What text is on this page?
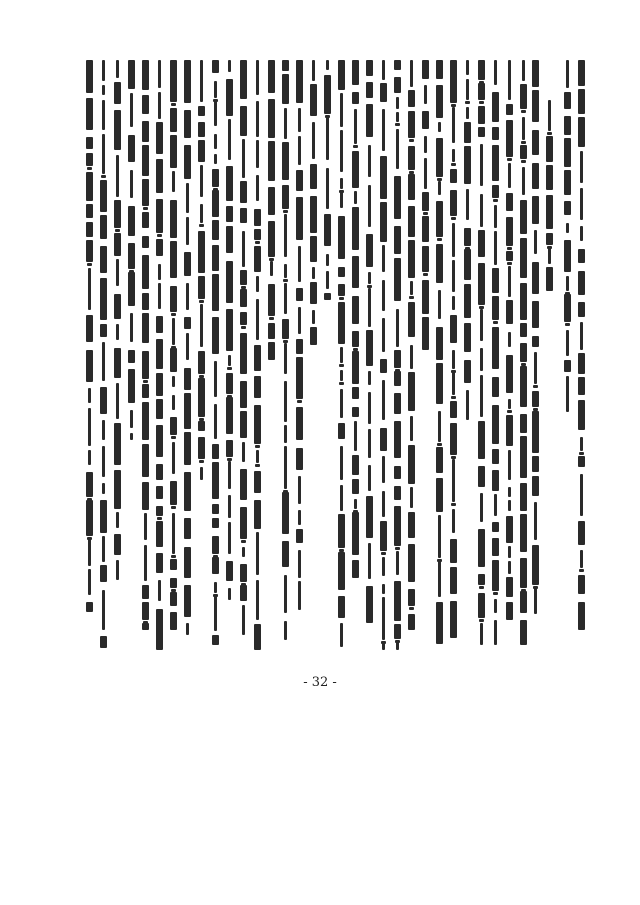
- 32 -
